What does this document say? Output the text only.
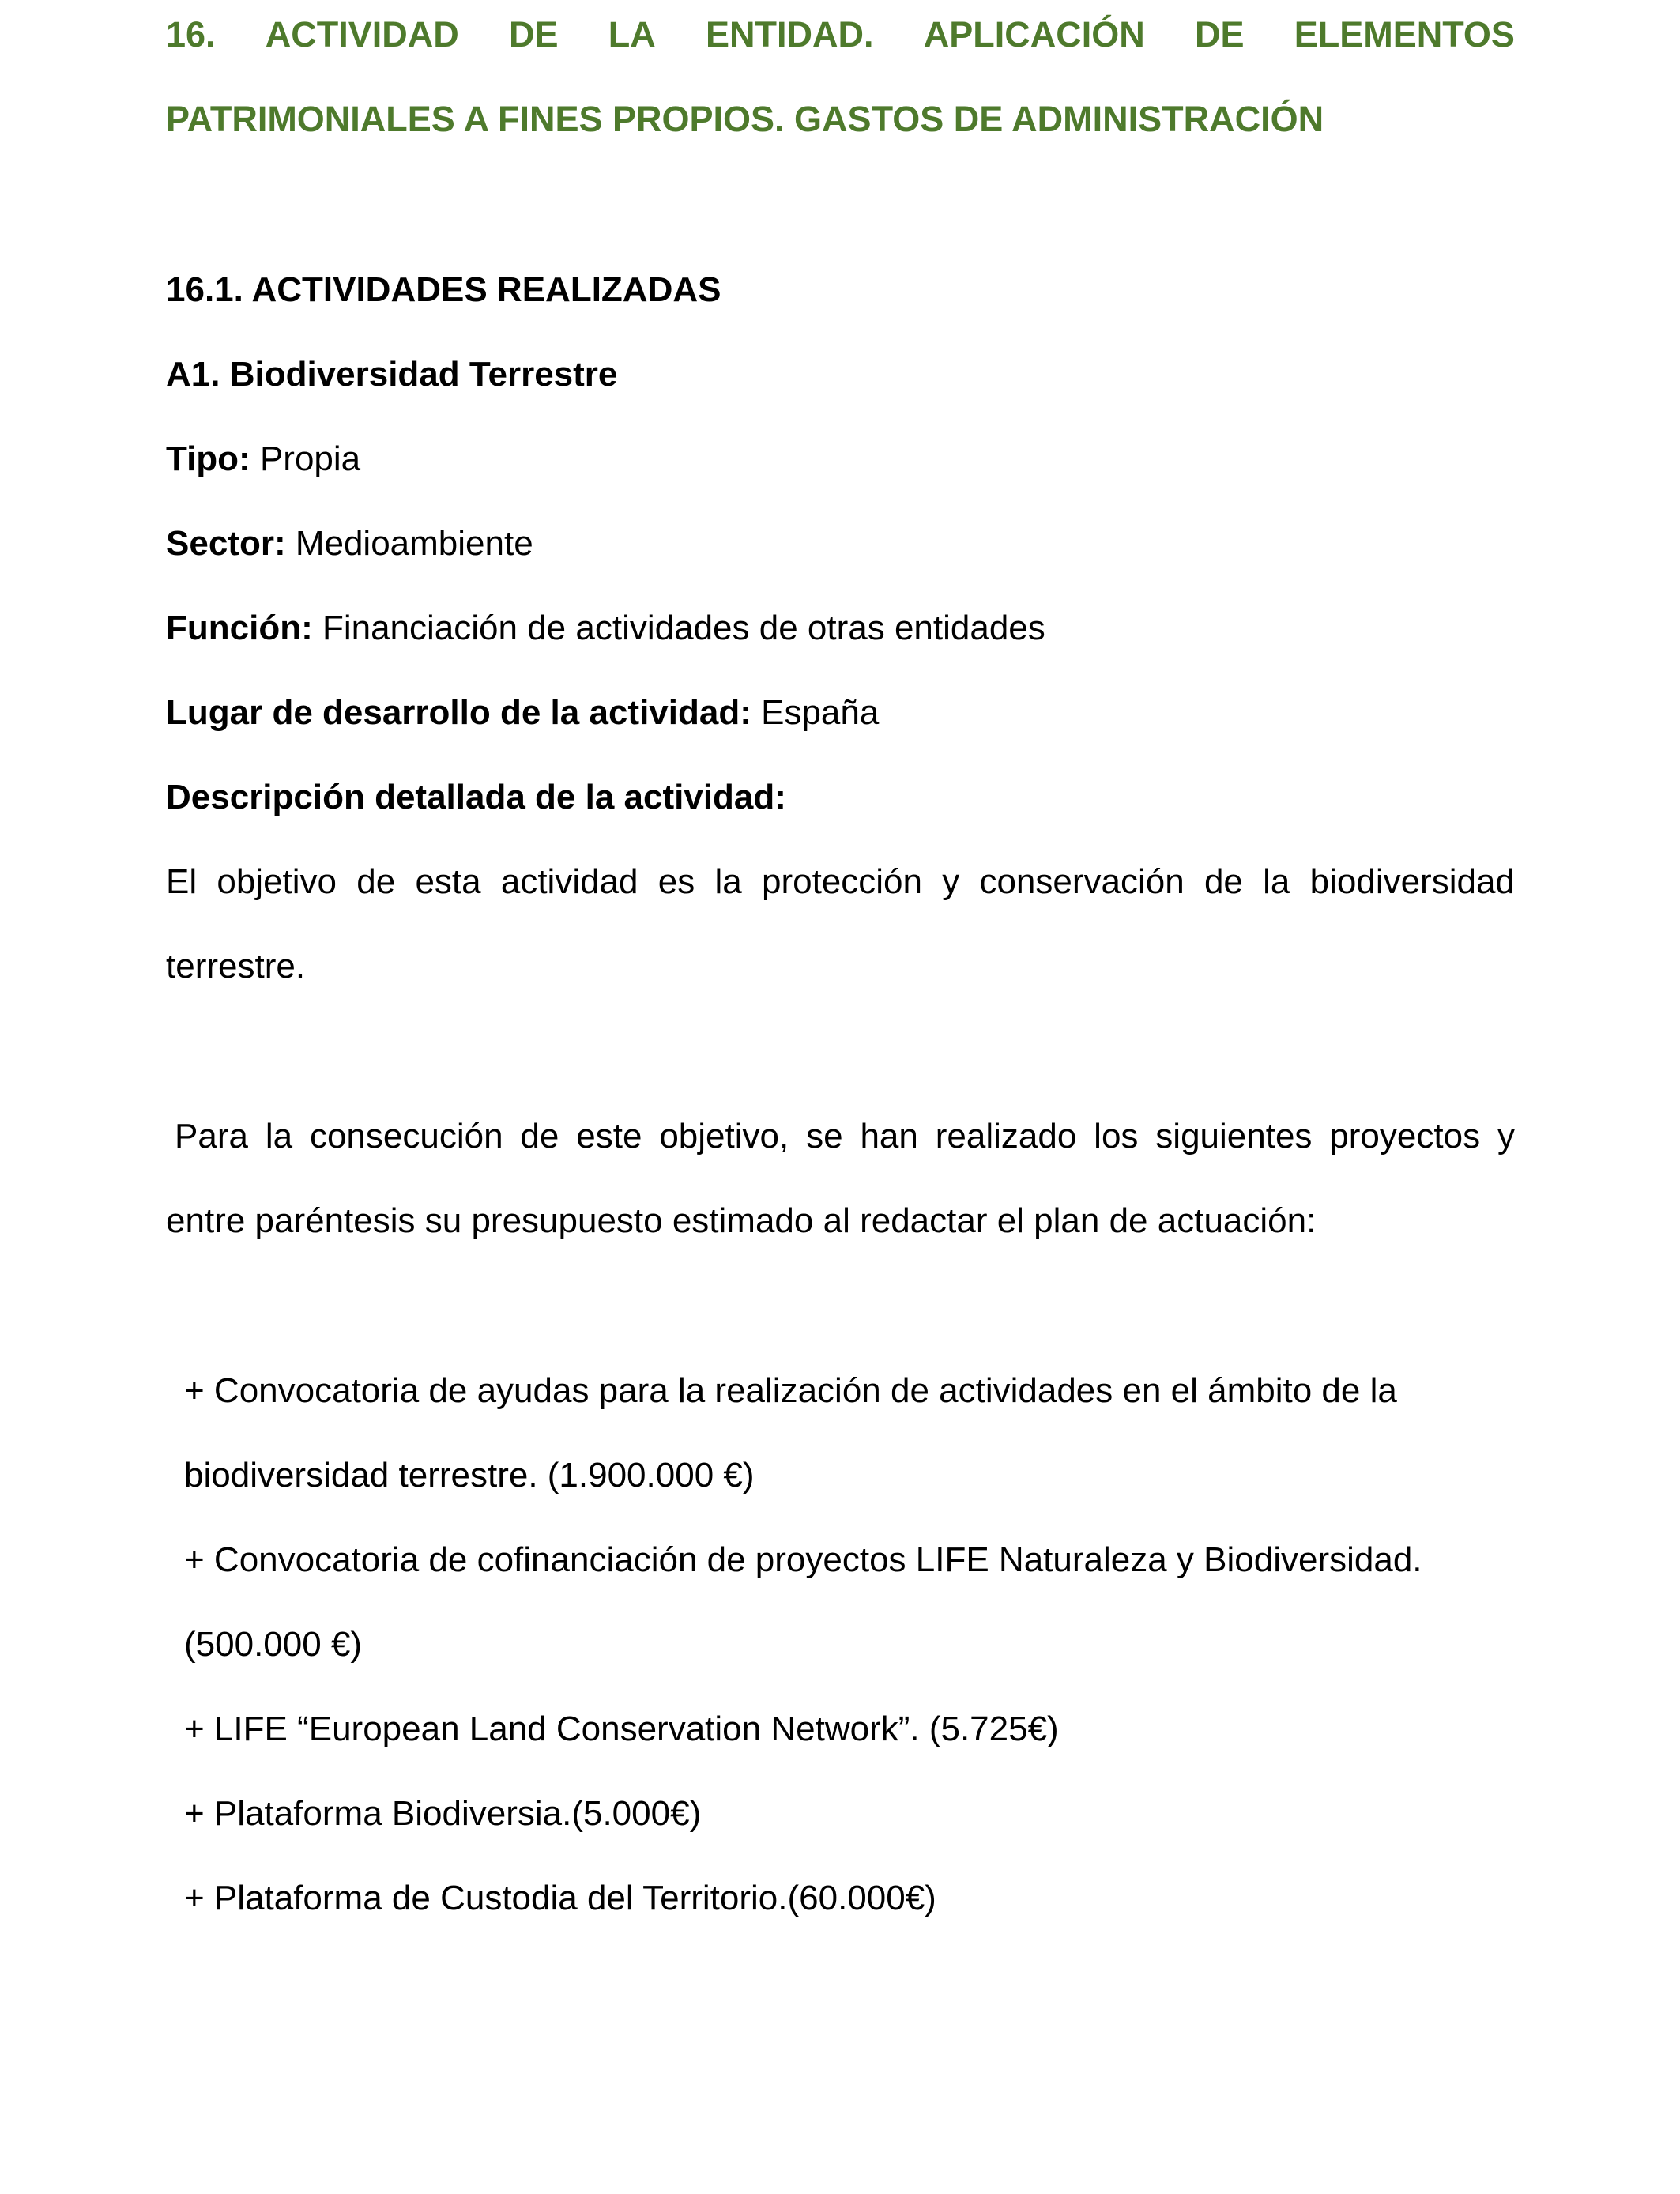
16. ACTIVIDAD DE LA ENTIDAD. APLICACIÓN DE ELEMENTOS
PATRIMONIALES A FINES PROPIOS. GASTOS DE ADMINISTRACIÓN
16.1. ACTIVIDADES REALIZADAS
A1. Biodiversidad Terrestre
Tipo: Propia
Sector: Medioambiente
Función: Financiación de actividades de otras entidades
Lugar de desarrollo de la actividad: España
Descripción detallada de la actividad:
El objetivo de esta actividad es la protección y conservación de la biodiversidad
terrestre.
Para la consecución de este objetivo, se han realizado los siguientes proyectos y
entre paréntesis su presupuesto estimado al redactar el plan de actuación:
+ Convocatoria de ayudas para la realización de actividades en el ámbito de la
biodiversidad terrestre. (1.900.000 €)
+ Convocatoria de cofinanciación de proyectos LIFE Naturaleza y Biodiversidad.
(500.000 €)
+ LIFE “European Land Conservation Network”. (5.725€)
+ Plataforma Biodiversia.(5.000€)
+ Plataforma de Custodia del Territorio.(60.000€)
